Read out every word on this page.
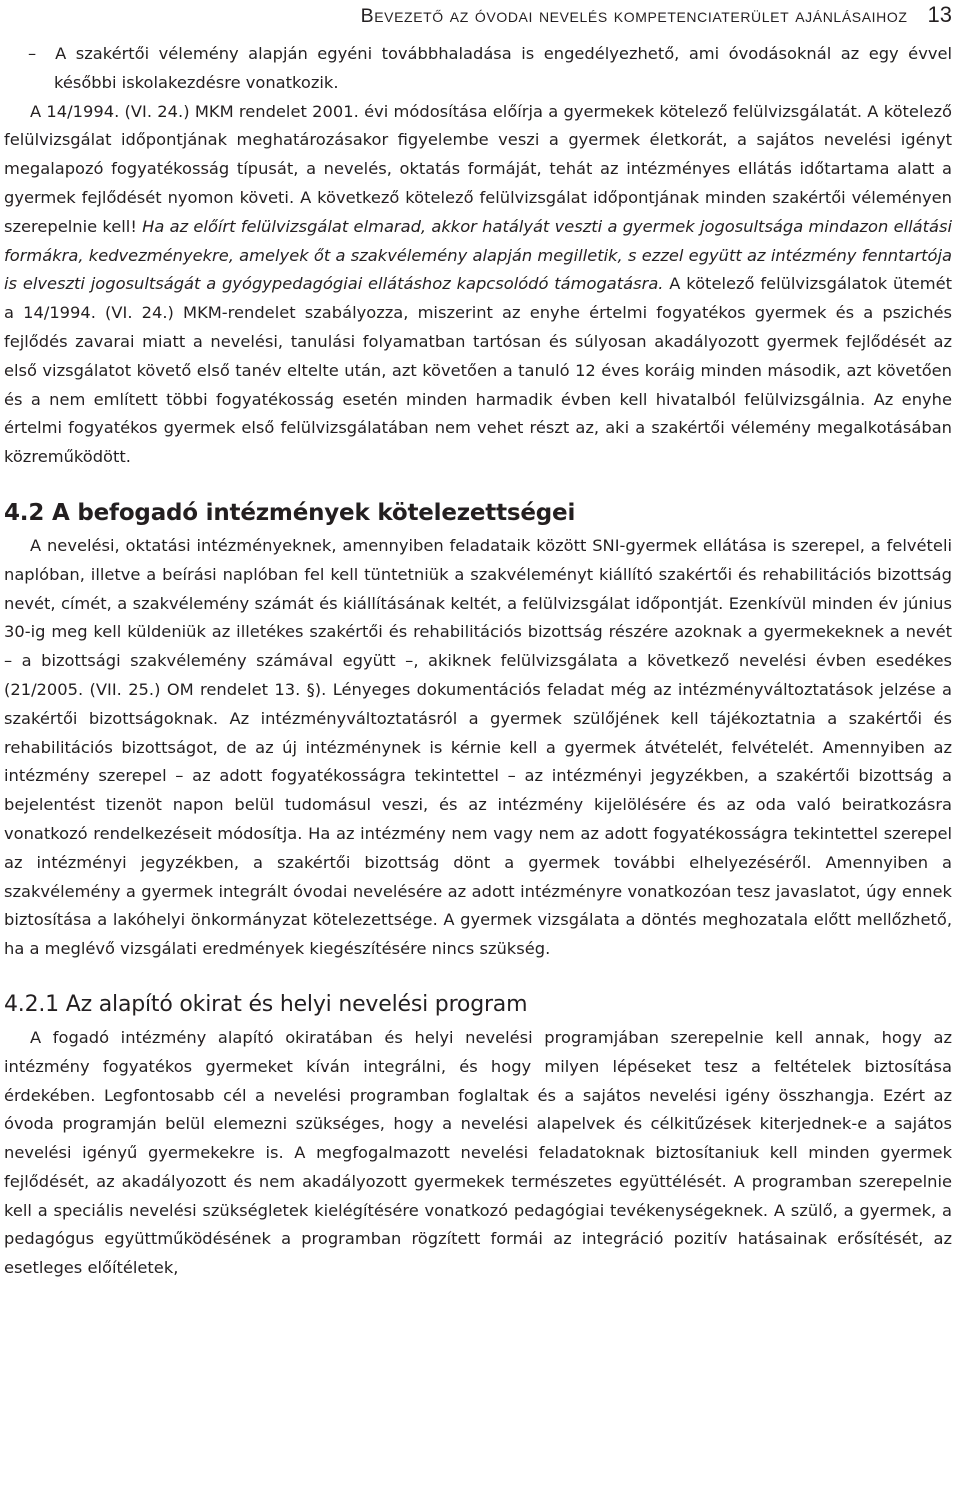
Bevezető az óvodai nevelés kompetenciaterület ajánlásaihoz 13

– A szakértői vélemény alapján egyéni továbbhaladása is engedélyezhető, ami óvodásoknál az egy évvel későbbi iskolakezdésre vonatkozik.

A 14/1994. (VI. 24.) MKM rendelet 2001. évi módosítása előírja a gyermekek kötelező felülvizsgálatát. A kötelező felülvizsgálat időpontjának meghatározásakor figyelembe veszi a gyermek életkorát, a sajátos nevelési igényt megalapozó fogyatékosság típusát, a nevelés, oktatás formáját, tehát az intézményes ellátás időtartama alatt a gyermek fejlődését nyomon követi. A következő kötelező felülvizsgálat időpontjának minden szakértői véleményen szerepelnie kell! Ha az előírt felülvizsgálat elmarad, akkor hatályát veszti a gyermek jogosultsága mindazon ellátási formákra, kedvezményekre, amelyek őt a szakvélemény alapján megilletik, s ezzel együtt az intézmény fenntartója is elveszti jogosultságát a gyógypedagógiai ellátáshoz kapcsolódó támogatásra. A kötelező felülvizsgálatok ütemét a 14/1994. (VI. 24.) MKM-rendelet szabályozza, miszerint az enyhe értelmi fogyatékos gyermek és a pszichés fejlődés zavarai miatt a nevelési, tanulási folyamatban tartósan és súlyosan akadályozott gyermek fejlődését az első vizsgálatot követő első tanév eltelte után, azt követően a tanuló 12 éves koráig minden második, azt követően és a nem említett többi fogyatékosság esetén minden harmadik évben kell hivatalból felülvizsgálnia. Az enyhe értelmi fogyatékos gyermek első felülvizsgálatában nem vehet részt az, aki a szakértői vélemény megalkotásában közreműködött.

4.2 A befogadó intézmények kötelezettségei

A nevelési, oktatási intézményeknek, amennyiben feladataik között SNI-gyermek ellátása is szerepel, a felvételi naplóban, illetve a beírási naplóban fel kell tüntetniük a szakvéleményt kiállító szakértői és rehabilitációs bizottság nevét, címét, a szakvélemény számát és kiállításának keltét, a felülvizsgálat időpontját. Ezenkívül minden év június 30-ig meg kell küldeniük az illetékes szakértői és rehabilitációs bizottság részére azoknak a gyermekeknek a nevét – a bizottsági szakvélemény számával együtt –, akiknek felülvizsgálata a következő nevelési évben esedékes (21/2005. (VII. 25.) OM rendelet 13. §). Lényeges dokumentációs feladat még az intézményváltoztatások jelzése a szakértői bizottságoknak. Az intézményváltoztatásról a gyermek szülőjének kell tájékoztatnia a szakértői és rehabilitációs bizottságot, de az új intézménynek is kérnie kell a gyermek átvételét, felvételét. Amennyiben az intézmény szerepel – az adott fogyatékosságra tekintettel – az intézményi jegyzékben, a szakértői bizottság a bejelentést tizenöt napon belül tudomásul veszi, és az intézmény kijelölésére és az oda való beiratkozásra vonatkozó rendelkezéseit módosítja. Ha az intézmény nem vagy nem az adott fogyatékosságra tekintettel szerepel az intézményi jegyzékben, a szakértői bizottság dönt a gyermek további elhelyezéséről. Amennyiben a szakvélemény a gyermek integrált óvodai nevelésére az adott intézményre vonatkozóan tesz javaslatot, úgy ennek biztosítása a lakóhelyi önkormányzat kötelezettsége. A gyermek vizsgálata a döntés meghozatala előtt mellőzhető, ha a meglévő vizsgálati eredmények kiegészítésére nincs szükség.

4.2.1 Az alapító okirat és helyi nevelési program

A fogadó intézmény alapító okiratában és helyi nevelési programjában szerepelnie kell annak, hogy az intézmény fogyatékos gyermeket kíván integrálni, és hogy milyen lépéseket tesz a feltételek biztosítása érdekében. Legfontosabb cél a nevelési programban foglaltak és a sajátos nevelési igény összhangja. Ezért az óvoda programján belül elemezni szükséges, hogy a nevelési alapelvek és célkitűzések kiterjednek-e a sajátos nevelési igényű gyermekekre is. A megfogalmazott nevelési feladatoknak biztosítaniuk kell minden gyermek fejlődését, az akadályozott és nem akadályozott gyermekek természetes együttélését. A programban szerepelnie kell a speciális nevelési szükségletek kielégítésére vonatkozó pedagógiai tevékenységeknek. A szülő, a gyermek, a pedagógus együttműködésének a programban rögzített formái az integráció pozitív hatásainak erősítését, az esetleges előítéletek,
